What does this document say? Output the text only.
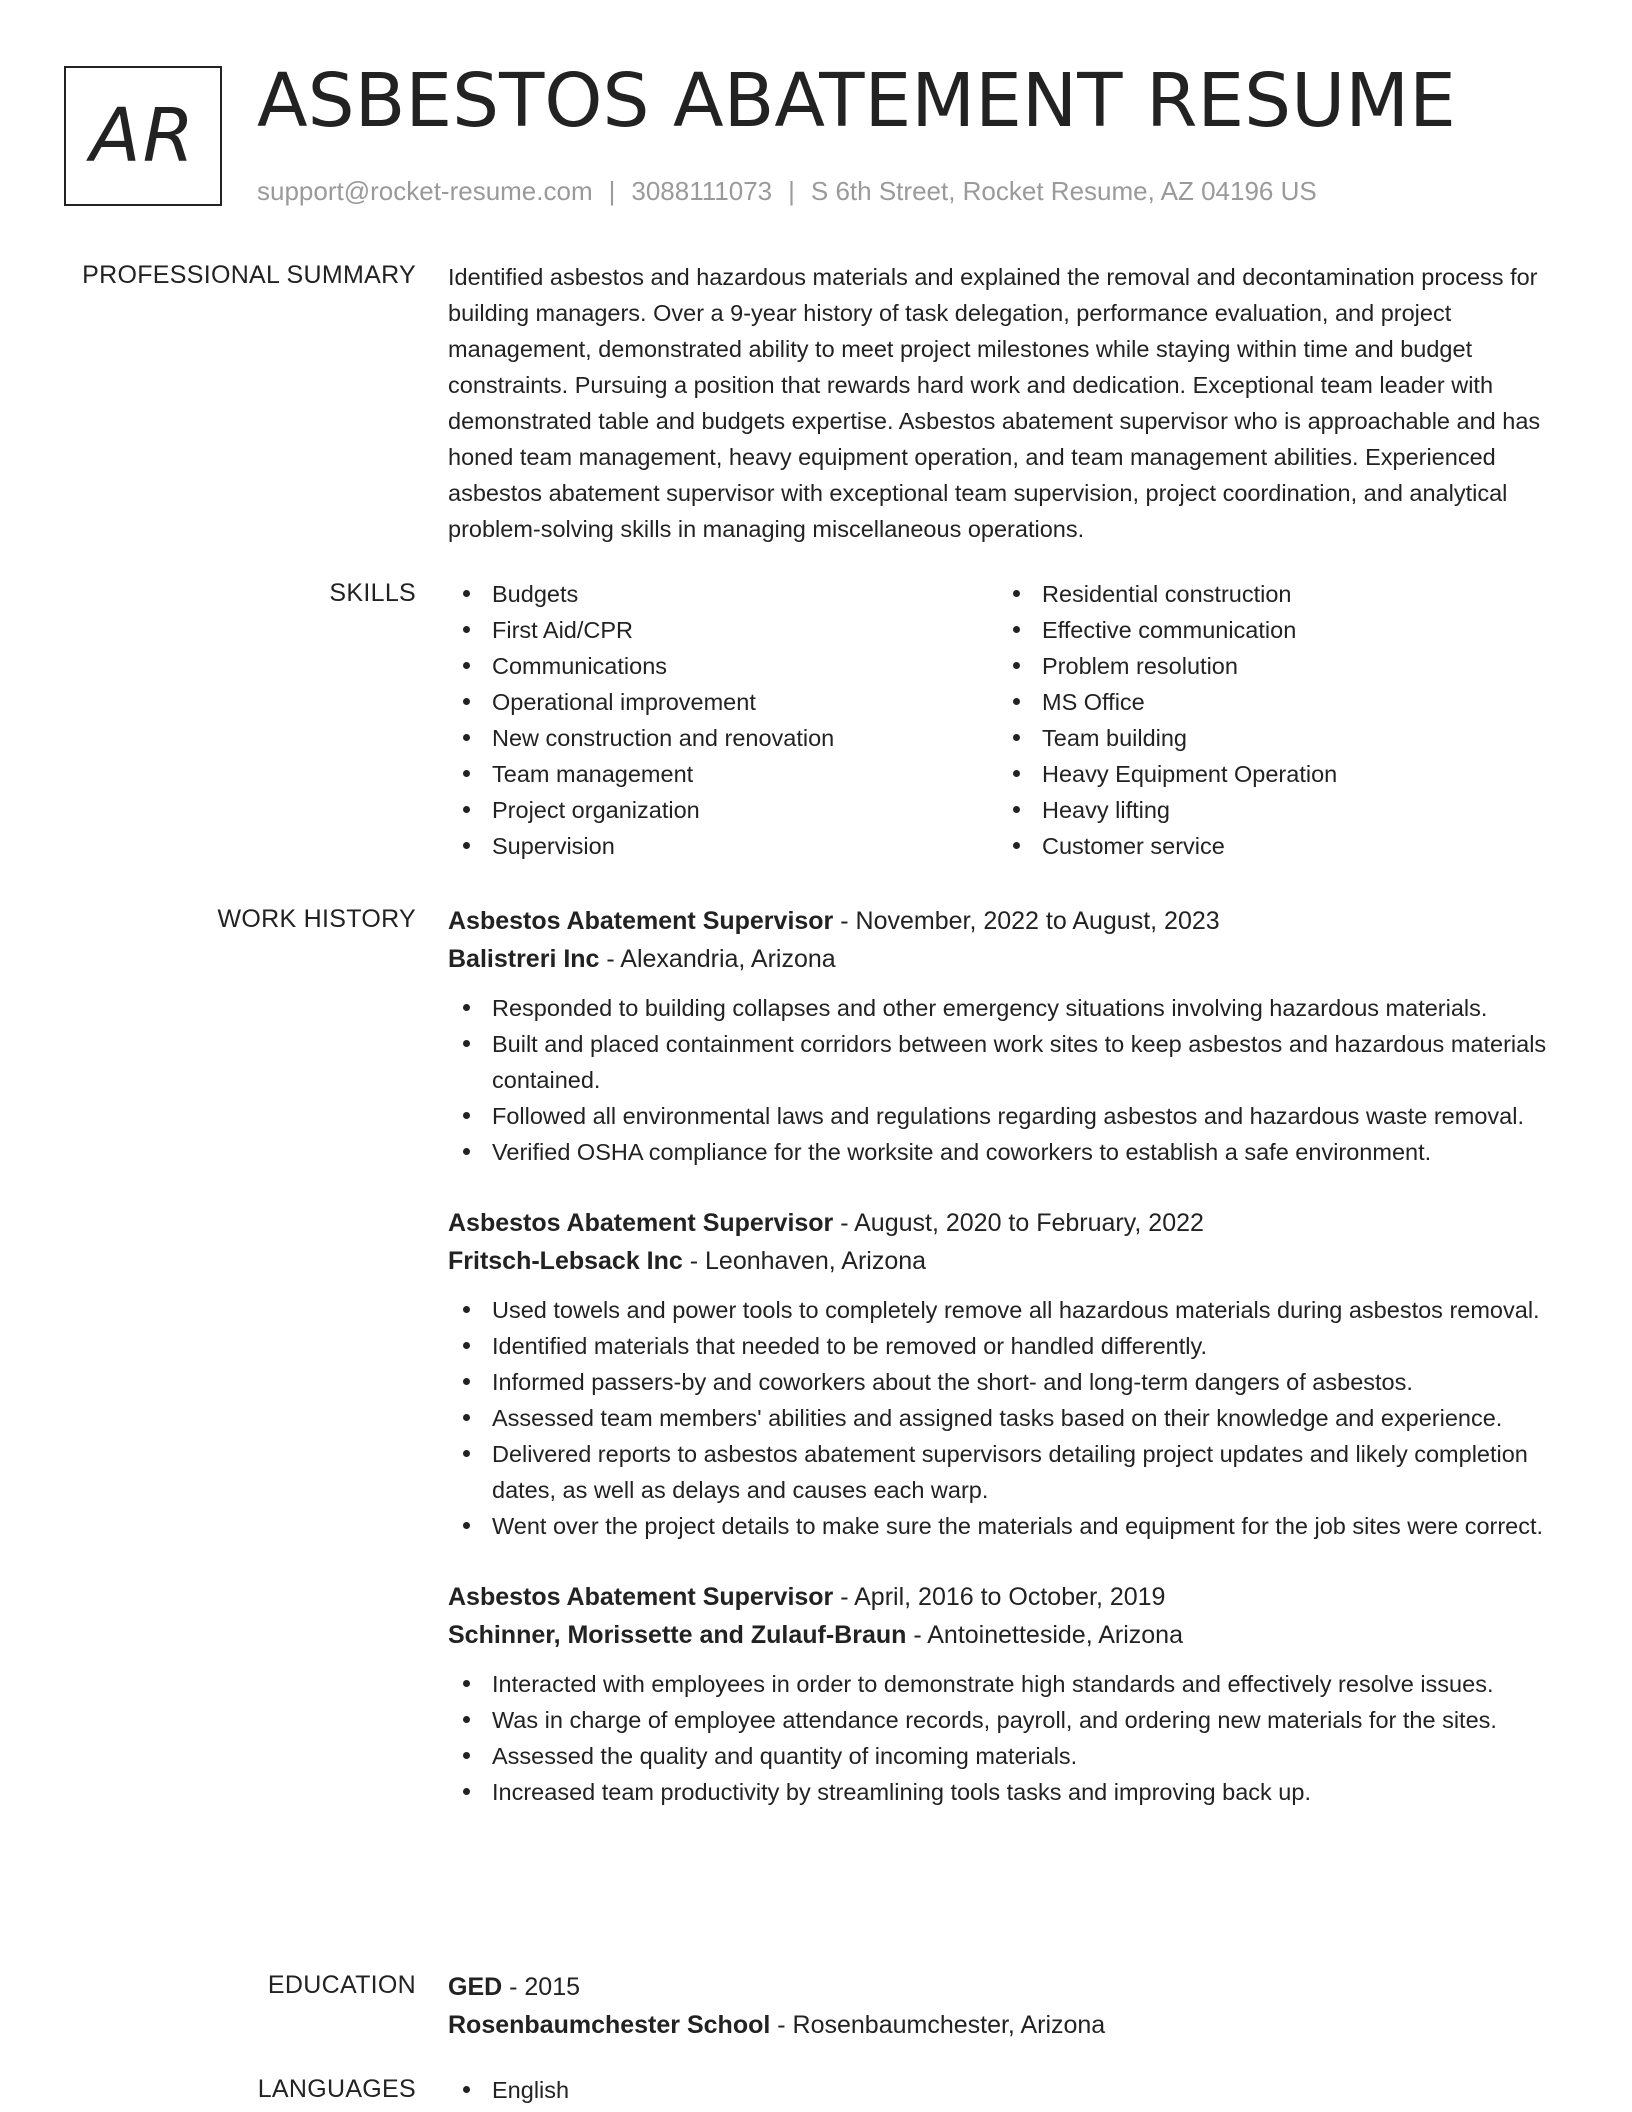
AR ASBESTOS ABATEMENT RESUME
support@rocket-resume.com | 3088111073 | S 6th Street, Rocket Resume, AZ 04196 US
PROFESSIONAL SUMMARY Identified asbestos and hazardous materials and explained the removal and decontamination process for building managers. Over a 9-year history of task delegation, performance evaluation, and project management, demonstrated ability to meet project milestones while staying within time and budget constraints. Pursuing a position that rewards hard work and dedication. Exceptional team leader with demonstrated table and budgets expertise. Asbestos abatement supervisor who is approachable and has honed team management, heavy equipment operation, and team management abilities. Experienced asbestos abatement supervisor with exceptional team supervision, project coordination, and analytical problem-solving skills in managing miscellaneous operations.

SKILLS	Budgets
First Aid/CPR
Communications
Operational improvement
New construction and renovation
Team management
Project organization
Supervision
Residential construction
Effective communication
Problem resolution
MS Office
Team building
Heavy Equipment Operation
Heavy lifting
Customer service
WORK HISTORY Asbestos Abatement Supervisor - November, 2022 to August, 2023
Balistreri Inc - Alexandria, Arizona
Responded to building collapses and other emergency situations involving hazardous materials.
Built and placed containment corridors between work sites to keep asbestos and hazardous materials contained.
Followed all environmental laws and regulations regarding asbestos and hazardous waste removal.
Verified OSHA compliance for the worksite and coworkers to establish a safe environment.
Asbestos Abatement Supervisor - August, 2020 to February, 2022
Fritsch-Lebsack Inc - Leonhaven, Arizona
Used towels and power tools to completely remove all hazardous materials during asbestos removal.
Identified materials that needed to be removed or handled differently.
Informed passers-by and coworkers about the short- and long-term dangers of asbestos.
Assessed team members' abilities and assigned tasks based on their knowledge and experience.
Delivered reports to asbestos abatement supervisors detailing project updates and likely completion dates, as well as delays and causes each warp.
Went over the project details to make sure the materials and equipment for the job sites were correct.
Asbestos Abatement Supervisor - April, 2016 to October, 2019
Schinner, Morissette and Zulauf-Braun - Antoinetteside, Arizona
Interacted with employees in order to demonstrate high standards and effectively resolve issues.
Was in charge of employee attendance records, payroll, and ordering new materials for the sites.
Assessed the quality and quantity of incoming materials.
Increased team productivity by streamlining tools tasks and improving back up.
EDUCATION GED - 2015
Rosenbaumchester School - Rosenbaumchester, Arizona
LANGUAGES	English
